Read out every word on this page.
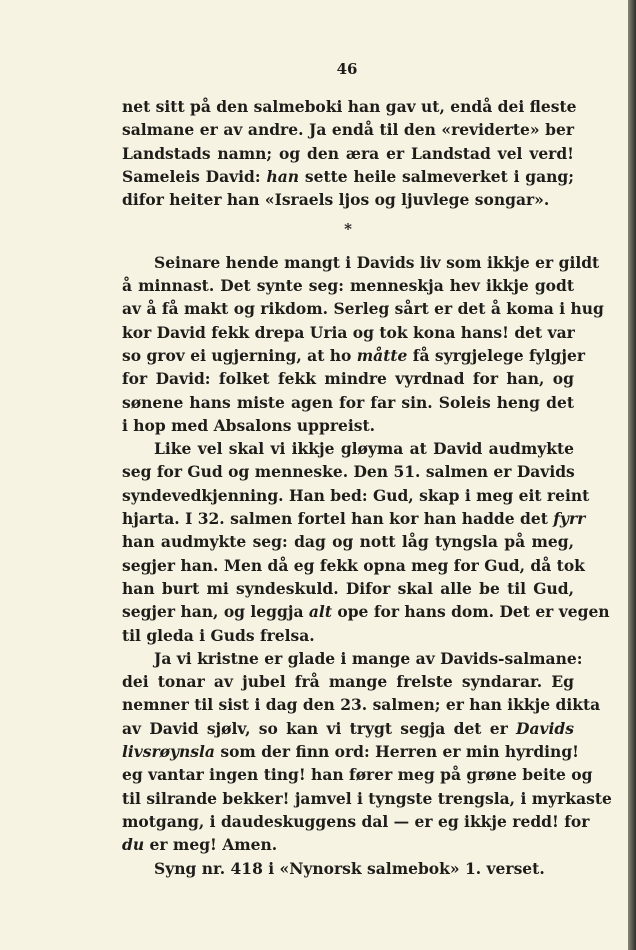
46
net sitt på den salmeboki han gav ut, endå dei fleste
salmane er av andre. Ja endå til den «reviderte» ber
Landstads namn; og den æra er Landstad vel verd!
Sameleis David: han sette heile salmeverket i gang;
difor heiter han «Israels ljos og ljuvlege songar».
*
Seinare hende mangt i Davids liv som ikkje er gildt
å minnast. Det synte seg: menneskja hev ikkje godt
av å få makt og rikdom. Serleg sårt er det å koma i hug
kor David fekk drepa Uria og tok kona hans! det var
so grov ei ugjerning, at ho måtte få syrgjelege fylgjer
for David: folket fekk mindre vyrdnad for han, og
sønene hans miste agen for far sin. Soleis heng det
i hop med Absalons uppreist.
Like vel skal vi ikkje gløyma at David audmykte
seg for Gud og menneske. Den 51. salmen er Davids
syndevedkjenning. Han bed: Gud, skap i meg eit reint
hjarta. I 32. salmen fortel han kor han hadde det fyrr
han audmykte seg: dag og nott låg tyngsla på meg,
segjer han. Men då eg fekk opna meg for Gud, då tok
han burt mi syndeskuld. Difor skal alle be til Gud,
segjer han, og leggja alt ope for hans dom. Det er vegen
til gleda i Guds frelsa.
Ja vi kristne er glade i mange av Davids-salmane:
dei tonar av jubel frå mange frelste syndarar. Eg
nemner til sist i dag den 23. salmen; er han ikkje dikta
av David sjølv, so kan vi trygt segja det er Davids
livsrøynsla som der finn ord: Herren er min hyrding!
eg vantar ingen ting! han fører meg på grøne beite og
til silrande bekker! jamvel i tyngste trengsla, i myrkaste
motgang, i daudeskuggens dal — er eg ikkje redd! for
du er meg! Amen.
Syng nr. 418 i «Nynorsk salmebok» 1. verset.
